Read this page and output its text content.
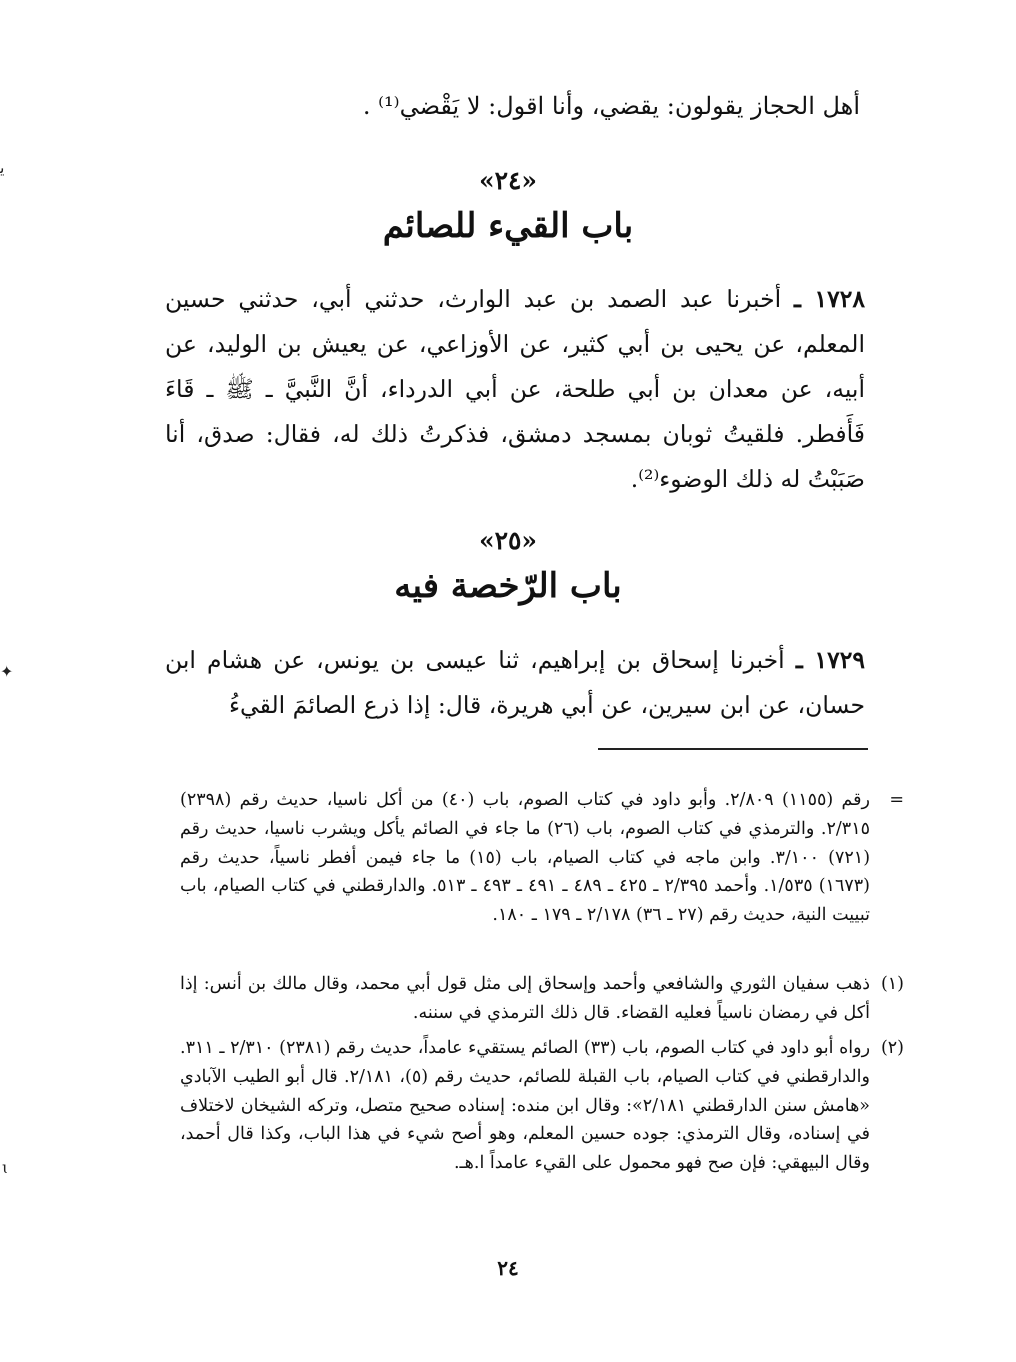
ﻳ
✦
ɩ
أهل الحجاز يقولون: يقضي، وأنا اقول: لا يَقْضي⁽¹⁾ .
«٢٤»
باب القيء للصائم
١٧٢٨ ـ أخبرنا عبد الصمد بن عبد الوارث، حدثني أبي، حدثني حسين المعلم، عن يحيى بن أبي كثير، عن الأوزاعي، عن يعيش بن الوليد، عن أبيه، عن معدان بن أبي طلحة، عن أبي الدرداء، أنَّ النَّبيَّ ـ ﷺ ـ قَاءَ فَأَفطر. فلقيتُ ثوبان بمسجد دمشق، فذكرتُ ذلك له، فقال: صدق، أنا صَبَبْتُ له ذلك الوضوء⁽²⁾.
«٢٥»
باب الرّخصة فيه
١٧٢٩ ـ أخبرنا إسحاق بن إبراهيم، ثنا عيسى بن يونس، عن هشام ابن حسان، عن ابن سيرين، عن أبي هريرة، قال: إذا ذرع الصائمَ القيءُ
=
رقم (١١٥٥) ٢/٨٠٩. وأبو داود في كتاب الصوم، باب (٤٠) من أكل ناسيا، حديث رقم (٢٣٩٨) ٢/٣١٥. والترمذي في كتاب الصوم، باب (٢٦) ما جاء في الصائم يأكل ويشرب ناسيا، حديث رقم (٧٢١) ٣/١٠٠. وابن ماجه في كتاب الصيام، باب (١٥) ما جاء فيمن أفطر ناسياً، حديث رقم (١٦٧٣) ١/٥٣٥. وأحمد ٢/٣٩٥ ـ ٤٢٥ ـ ٤٨٩ ـ ٤٩١ ـ ٤٩٣ ـ ٥١٣. والدارقطني في كتاب الصيام، باب تبييت النية، حديث رقم (٢٧ ـ ٣٦) ٢/١٧٨ ـ ١٧٩ ـ ١٨٠.
(١)
ذهب سفيان الثوري والشافعي وأحمد وإسحاق إلى مثل قول أبي محمد، وقال مالك بن أنس: إذا أكل في رمضان ناسياً فعليه القضاء. قال ذلك الترمذي في سننه.
(٢)
رواه أبو داود في كتاب الصوم، باب (٣٣) الصائم يستقيء عامداً، حديث رقم (٢٣٨١) ٢/٣١٠ ـ ٣١١. والدارقطني في كتاب الصيام، باب القبلة للصائم، حديث رقم (٥)، ٢/١٨١. قال أبو الطيب الآبادي «هامش سنن الدارقطني ٢/١٨١»: وقال ابن منده: إسناده صحيح متصل، وتركه الشيخان لاختلاف في إسناده، وقال الترمذي: جوده حسين المعلم، وهو أصح شيء في هذا الباب، وكذا قال أحمد، وقال البيهقي: فإن صح فهو محمول على القيء عامداً ا.هـ.
٢٤
